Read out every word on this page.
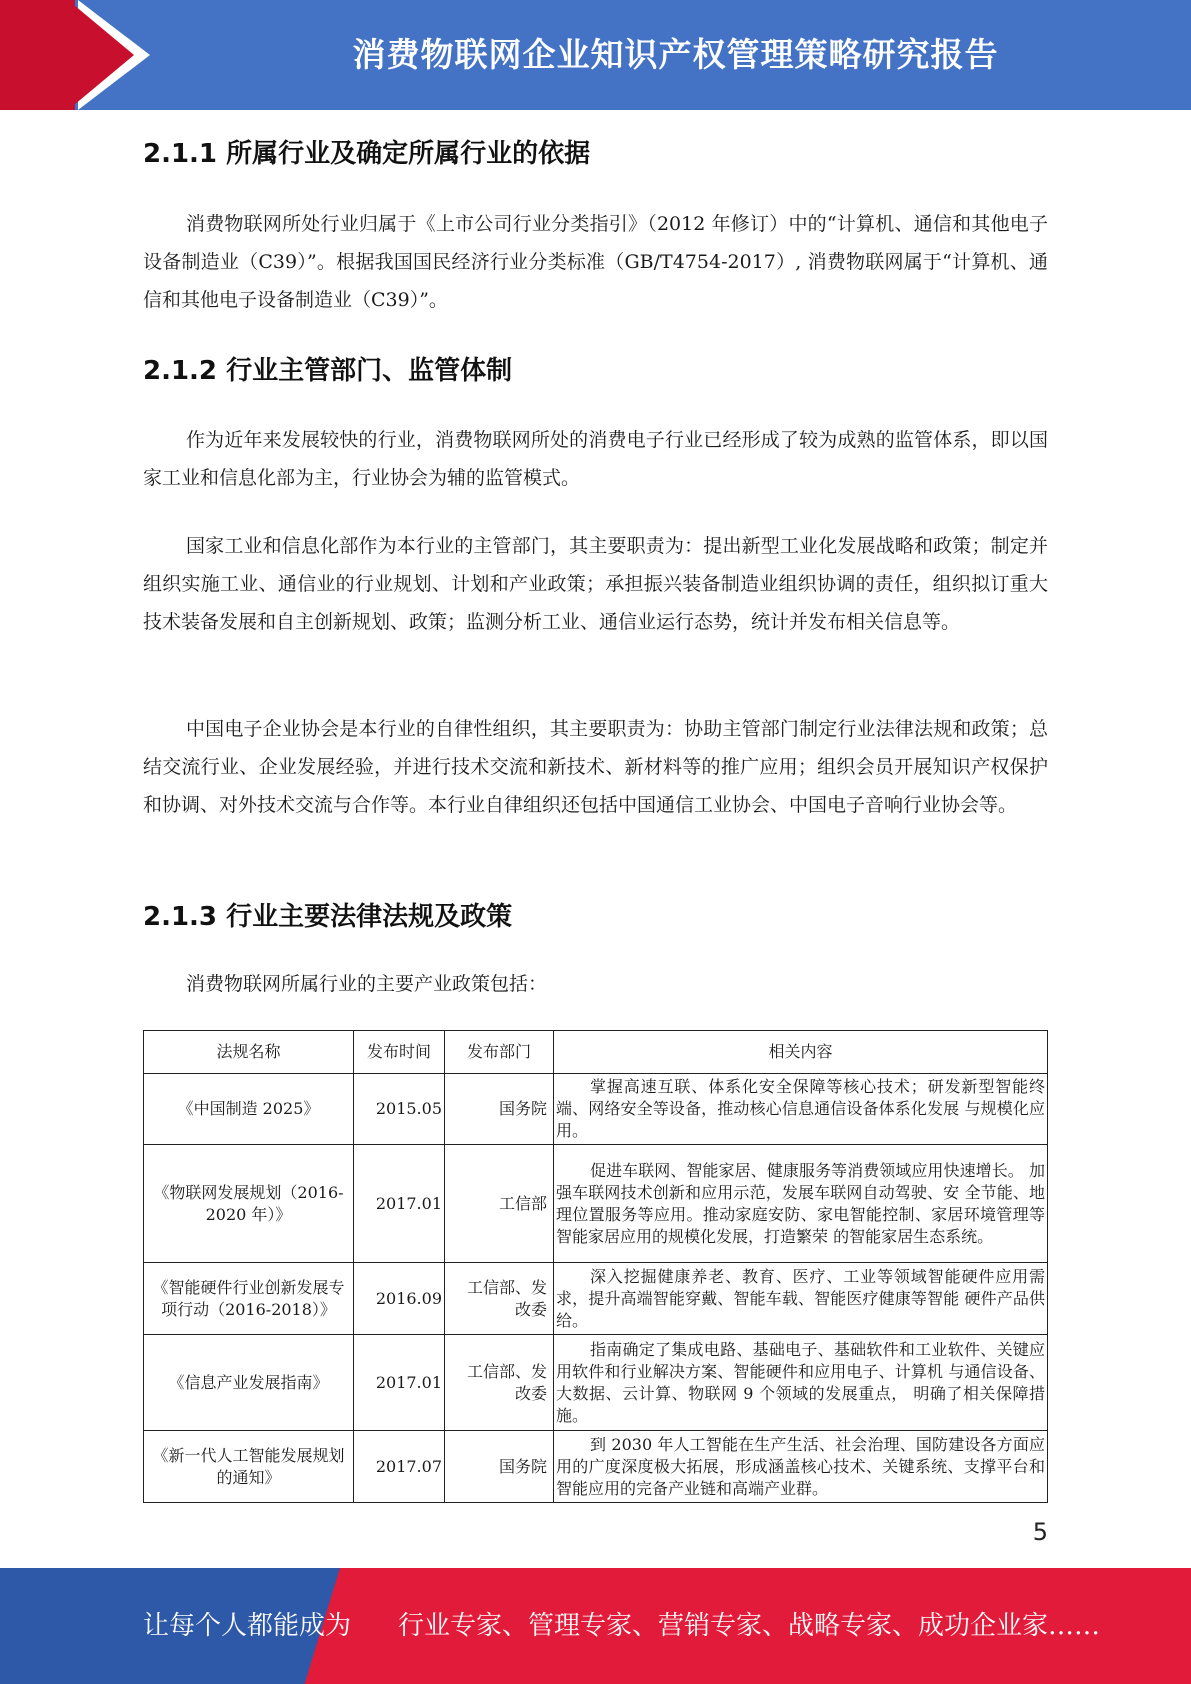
消费物联网企业知识产权管理策略研究报告
2.1.1 所属行业及确定所属行业的依据

消费物联网所处行业归属于《上市公司行业分类指引》（2012 年修订）中的“计算机、通信和其他电子设备制造业（C39）”。根据我国国民经济行业分类标准（GB/T4754-2017）, 消费物联网属于“计算机、通信和其他电子设备制造业（C39）”。

2.1.2 行业主管部门、监管体制

作为近年来发展较快的行业，消费物联网所处的消费电子行业已经形成了较为成熟的监管体系，即以国家工业和信息化部为主，行业协会为辅的监管模式。

国家工业和信息化部作为本行业的主管部门，其主要职责为：提出新型工业化发展战略和政策；制定并组织实施工业、通信业的行业规划、计划和产业政策；承担振兴装备制造业组织协调的责任，组织拟订重大技术装备发展和自主创新规划、政策；监测分析工业、通信业运行态势，统计并发布相关信息等。

中国电子企业协会是本行业的自律性组织，其主要职责为：协助主管部门制定行业法律法规和政策；总结交流行业、企业发展经验，并进行技术交流和新技术、新材料等的推广应用；组织会员开展知识产权保护和协调、对外技术交流与合作等。本行业自律组织还包括中国通信工业协会、中国电子音响行业协会等。

2.1.3 行业主要法律法规及政策

消费物联网所属行业的主要产业政策包括：

法规名称	发布时间	发布部门	相关内容
《中国制造 2025》	2015.05	国务院	掌握高速互联、体系化安全保障等核心技术；研发新型智能终端、网络安全等设备，推动核心信息通信设备体系化发展 与规模化应用。
《物联网发展规划（2016-2020 年）》	2017.01	工信部	促进车联网、智能家居、健康服务等消费领域应用快速增长。 加强车联网技术创新和应用示范，发展车联网自动驾驶、安 全节能、地理位置服务等应用。推动家庭安防、家电智能控制、家居环境管理等智能家居应用的规模化发展，打造繁荣 的智能家居生态系统。
《智能硬件行业创新发展专项行动（2016-2018）》	2016.09	工信部、发 改委	深入挖掘健康养老、教育、医疗、工业等领域智能硬件应用需求，提升高端智能穿戴、智能车载、智能医疗健康等智能 硬件产品供给。
《信息产业发展指南》	2017.01	工信部、发 改委	指南确定了集成电路、基础电子、基础软件和工业软件、关键应用软件和行业解决方案、智能硬件和应用电子、计算机 与通信设备、大数据、云计算、物联网 9 个领域的发展重点， 明确了相关保障措施。
《新一代人工智能发展规划的通知》	2017.07	国务院	到 2030 年人工智能在生产生活、社会治理、国防建设各方面应用的广度深度极大拓展，形成涵盖核心技术、关键系统、支撑平台和智能应用的完备产业链和高端产业群。
5
让每个人都能成为 行业专家、管理专家、营销专家、战略专家、成功企业家……
